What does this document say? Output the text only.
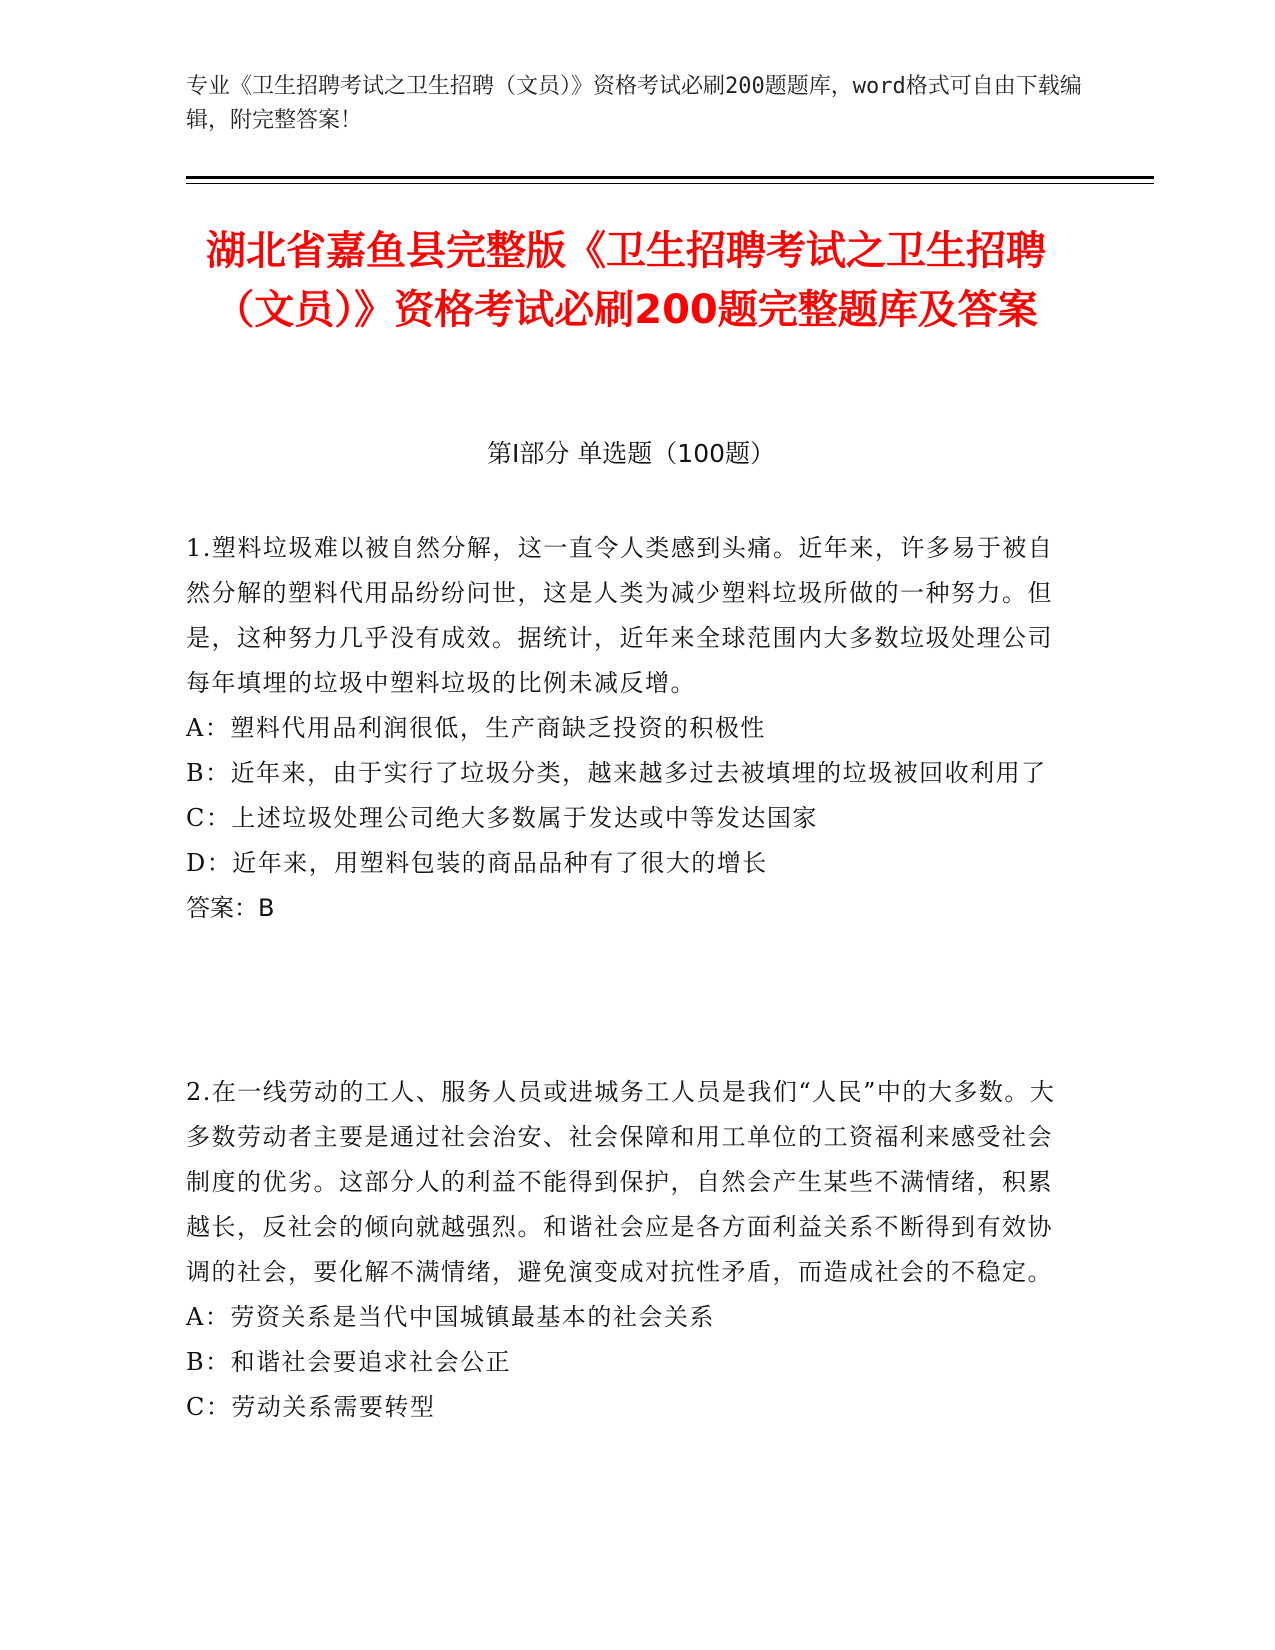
专业《卫生招聘考试之卫生招聘（文员）》资格考试必刷200题题库，word格式可自由下载编辑，附完整答案！
湖北省嘉鱼县完整版《卫生招聘考试之卫生招聘（文员）》资格考试必刷200题完整题库及答案
第Ⅰ部分 单选题（100题）

1.塑料垃圾难以被自然分解，这一直令人类感到头痛。近年来，许多易于被自然分解的塑料代用品纷纷问世，这是人类为减少塑料垃圾所做的一种努力。但是，这种努力几乎没有成效。据统计，近年来全球范围内大多数垃圾处理公司每年填埋的垃圾中塑料垃圾的比例未减反增。

A：塑料代用品利润很低，生产商缺乏投资的积极性

B：近年来，由于实行了垃圾分类，越来越多过去被填埋的垃圾被回收利用了

C：上述垃圾处理公司绝大多数属于发达或中等发达国家

D：近年来，用塑料包装的商品品种有了很大的增长

答案：B

2.在一线劳动的工人、服务人员或进城务工人员是我们“人民”中的大多数。大多数劳动者主要是通过社会治安、社会保障和用工单位的工资福利来感受社会制度的优劣。这部分人的利益不能得到保护，自然会产生某些不满情绪，积累越长，反社会的倾向就越强烈。和谐社会应是各方面利益关系不断得到有效协调的社会，要化解不满情绪，避免演变成对抗性矛盾，而造成社会的不稳定。

A：劳资关系是当代中国城镇最基本的社会关系

B：和谐社会要追求社会公正

C：劳动关系需要转型
